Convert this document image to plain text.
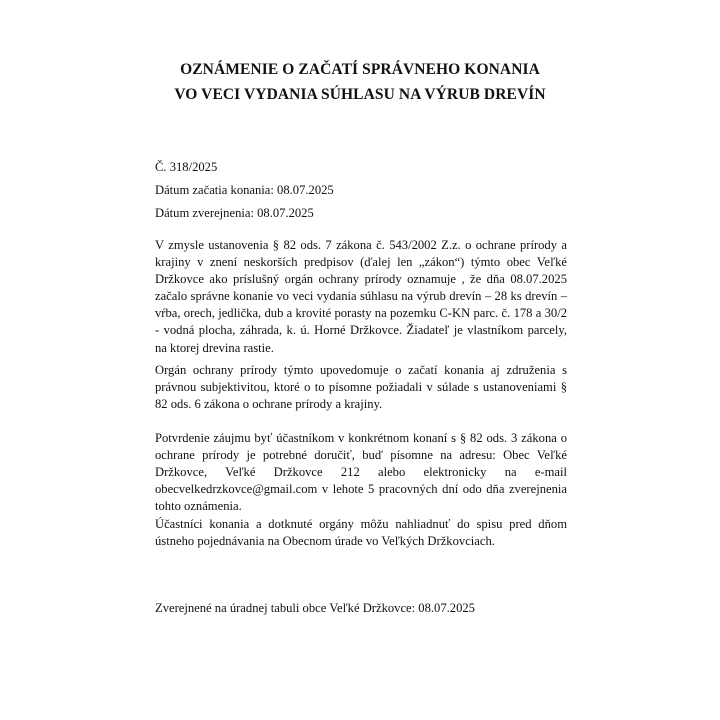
OZNÁMENIE O ZAČATÍ SPRÁVNEHO KONANIA
VO VECI VYDANIA SÚHLASU NA VÝRUB DREVÍN
Č. 318/2025
Dátum začatia konania: 08.07.2025
Dátum zverejnenia: 08.07.2025
V zmysle ustanovenia § 82 ods. 7 zákona č. 543/2002 Z.z. o ochrane prírody a krajiny v znení neskorších predpisov (ďalej len „zákon“) týmto obec Veľké Držkovce ako príslušný orgán ochrany prírody oznamuje , že dňa 08.07.2025 začalo správne konanie vo veci vydania súhlasu na výrub drevín – 28 ks drevín – vŕba, orech, jedlička, dub a krovité porasty na pozemku C-KN parc. č. 178 a 30/2 - vodná plocha, záhrada, k. ú. Horné Držkovce. Žiadateľ je vlastníkom parcely, na ktorej drevina rastie.
Orgán ochrany prírody týmto upovedomuje o začatí konania aj združenia s právnou subjektivitou, ktoré o to písomne požiadali v súlade s ustanoveniami § 82 ods. 6 zákona o ochrane prírody a krajiny.
Potvrdenie záujmu byť účastníkom v konkrétnom konaní s § 82 ods. 3 zákona o ochrane prírody je potrebné doručiť, buď písomne na adresu: Obec Veľké Držkovce, Veľké Držkovce 212 alebo elektronicky na e-mail obecvelkedrzkovce@gmail.com v lehote 5 pracovných dní odo dňa zverejnenia tohto oznámenia.
Účastníci konania a dotknuté orgány môžu nahliadnuť do spisu pred dňom ústneho pojednávania na Obecnom úrade vo Veľkých Držkovciach.
Zverejnené na úradnej tabuli obce Veľké Držkovce: 08.07.2025
